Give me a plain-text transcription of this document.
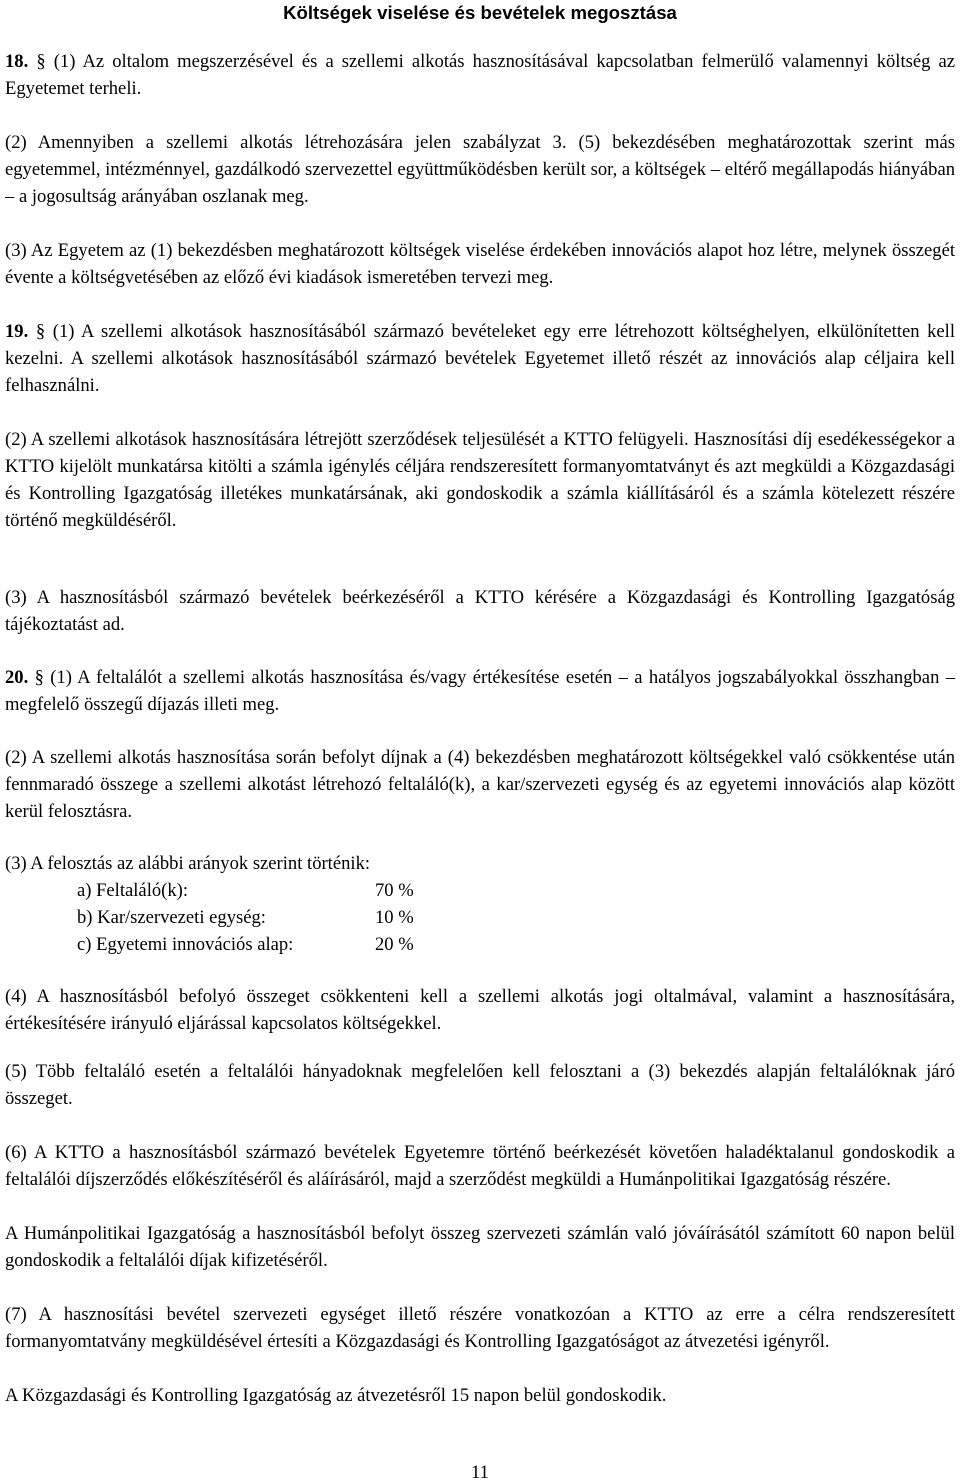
Költségek viselése és bevételek megosztása

18. § (1) Az oltalom megszerzésével és a szellemi alkotás hasznosításával kapcsolatban felmerülő valamennyi költség az Egyetemet terheli.

(2) Amennyiben a szellemi alkotás létrehozására jelen szabályzat 3. (5) bekezdésében meghatározottak szerint más egyetemmel, intézménnyel, gazdálkodó szervezettel együttműködésben került sor, a költségek – eltérő megállapodás hiányában – a jogosultság arányában oszlanak meg.

(3) Az Egyetem az (1) bekezdésben meghatározott költségek viselése érdekében innovációs alapot hoz létre, melynek összegét évente a költségvetésében az előző évi kiadások ismeretében tervezi meg.

19. § (1) A szellemi alkotások hasznosításából származó bevételeket egy erre létrehozott költséghelyen, elkülönítetten kell kezelni. A szellemi alkotások hasznosításából származó bevételek Egyetemet illető részét az innovációs alap céljaira kell felhasználni.

(2) A szellemi alkotások hasznosítására létrejött szerződések teljesülését a KTTO felügyeli. Hasznosítási díj esedékességekor a KTTO kijelölt munkatársa kitölti a számla igénylés céljára rendszeresített formanyomtatványt és azt megküldi a Közgazdasági és Kontrolling Igazgatóság illetékes munkatársának, aki gondoskodik a számla kiállításáról és a számla kötelezett részére történő megküldéséről.

(3) A hasznosításból származó bevételek beérkezéséről a KTTO kérésére a Közgazdasági és Kontrolling Igazgatóság tájékoztatást ad.

20. § (1) A feltalálót a szellemi alkotás hasznosítása és/vagy értékesítése esetén – a hatályos jogszabályokkal összhangban – megfelelő összegű díjazás illeti meg.

(2) A szellemi alkotás hasznosítása során befolyt díjnak a (4) bekezdésben meghatározott költségekkel való csökkentése után fennmaradó összege a szellemi alkotást létrehozó feltaláló(k), a kar/szervezeti egység és az egyetemi innovációs alap között kerül felosztásra.

(3) A felosztás az alábbi arányok szerint történik:

a) Feltaláló(k):	70 %
b) Kar/szervezeti egység:	10 %
c) Egyetemi innovációs alap:	20 %

(4) A hasznosításból befolyó összeget csökkenteni kell a szellemi alkotás jogi oltalmával, valamint a hasznosítására, értékesítésére irányuló eljárással kapcsolatos költségekkel.

(5) Több feltaláló esetén a feltalálói hányadoknak megfelelően kell felosztani a (3) bekezdés alapján feltalálóknak járó összeget.

(6) A KTTO a hasznosításból származó bevételek Egyetemre történő beérkezését követően haladéktalanul gondoskodik a feltalálói díjszerződés előkészítéséről és aláírásáról, majd a szerződést megküldi a Humánpolitikai Igazgatóság részére.

A Humánpolitikai Igazgatóság a hasznosításból befolyt összeg szervezeti számlán való jóváírásától számított 60 napon belül gondoskodik a feltalálói díjak kifizetéséről.

(7) A hasznosítási bevétel szervezeti egységet illető részére vonatkozóan a KTTO az erre a célra rendszeresített formanyomtatvány megküldésével értesíti a Közgazdasági és Kontrolling Igazgatóságot az átvezetési igényről.

A Közgazdasági és Kontrolling Igazgatóság az átvezetésről 15 napon belül gondoskodik.

11
